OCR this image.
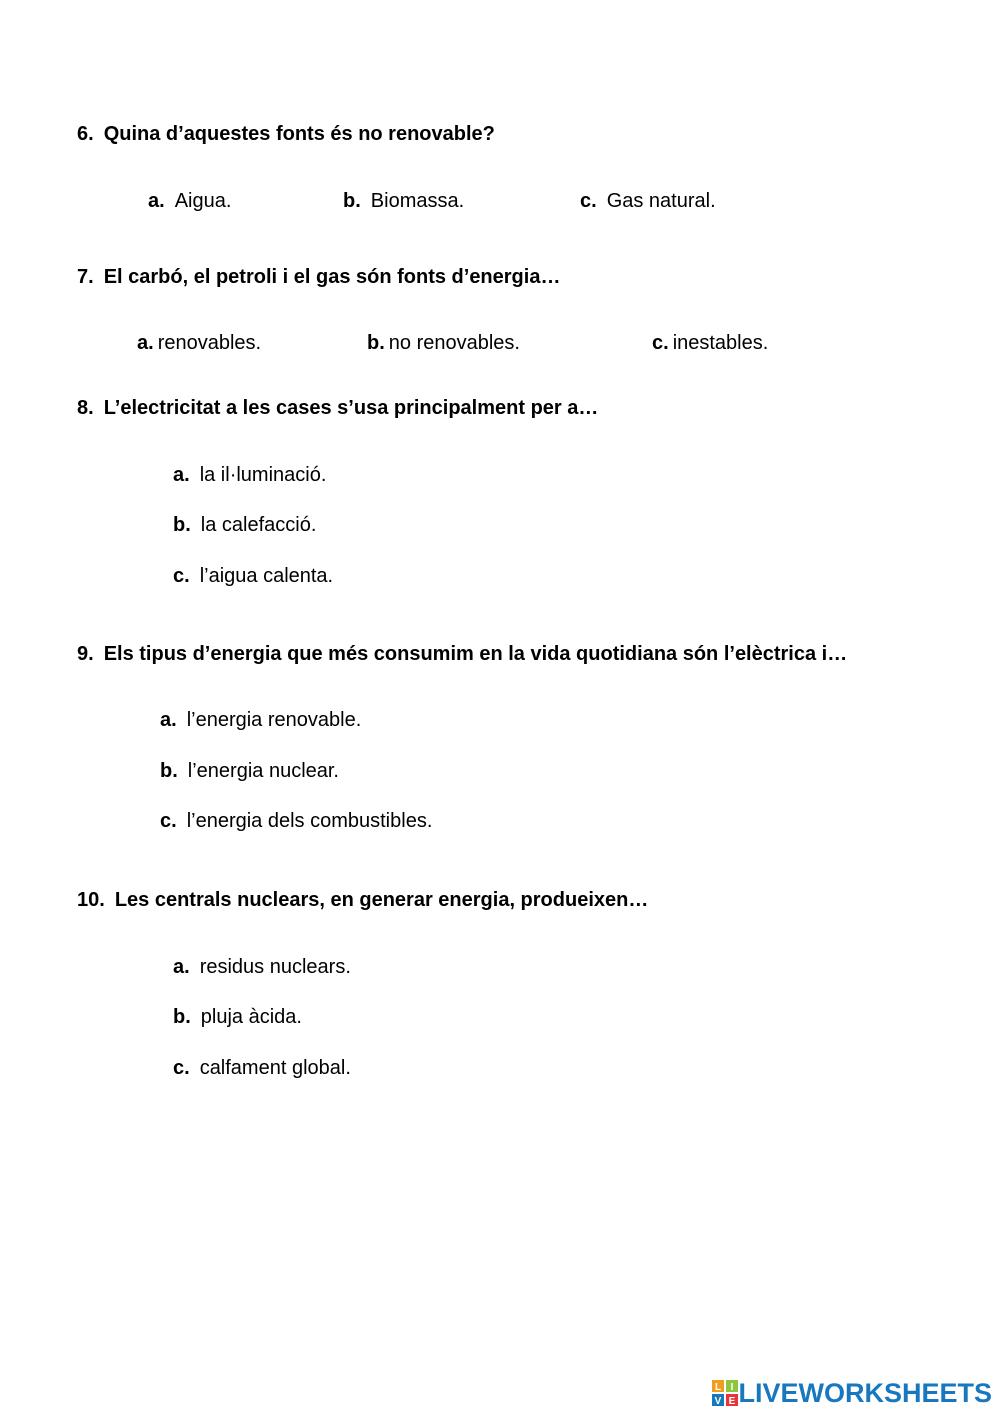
6. Quina d’aquestes fonts és no renovable?
a. Aigua.	b. Biomassa.	c. Gas natural.
7. El carbó, el petroli i el gas són fonts d’energia…
a. renovables.	b. no renovables.	c. inestables.
8. L’electricitat a les cases s’usa principalment per a…
a. la il·luminació.
b. la calefacció.
c. l’aigua calenta.
9. Els tipus d’energia que més consumim en la vida quotidiana són l’elèctrica i…
a. l’energia renovable.
b. l’energia nuclear.
c. l’energia dels combustibles.
10. Les centrals nuclears, en generar energia, produeixen…
a. residus nuclears.
b. pluja àcida.
c. calfament global.
L I
V E LIVEWORKSHEETS
